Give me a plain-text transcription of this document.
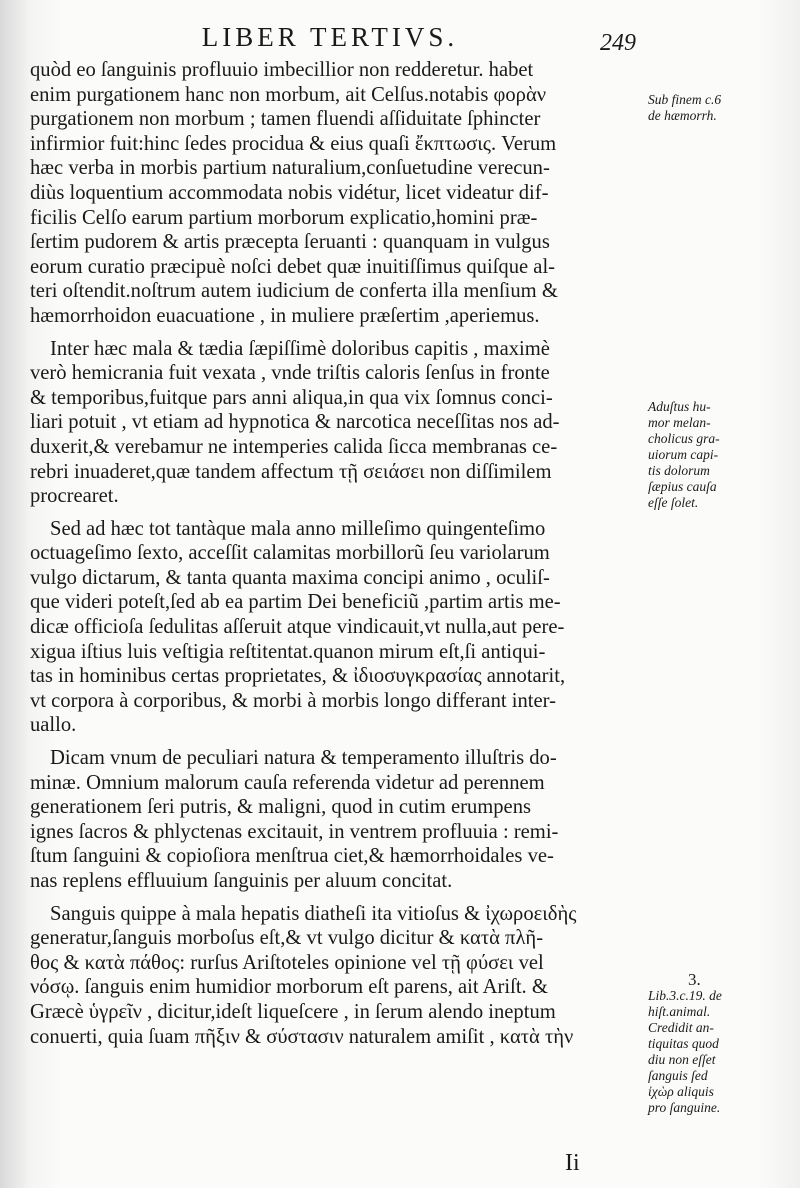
LIBER TERTIVS.	249
quòd eo ſanguinis profluuio imbecillior non redderetur. habet
enim purgationem hanc non morbum, ait Celſus.notabis φορὰν
purgationem non morbum ; tamen fluendi aſſiduitate ſphincter
infirmior fuit:hinc ſedes procidua & eius quaſi ἔκπτωσις. Verum
hæc verba in morbis partium naturalium,conſuetudine verecun-
diùs loquentium accommodata nobis vidétur, licet videatur dif-
ficilis Celſo earum partium morborum explicatio,homini præ-
ſertim pudorem & artis præcepta ſeruanti : quanquam in vulgus
eorum curatio præcipuè noſci debet quæ inuitiſſimus quiſque al-
teri oſtendit.noſtrum autem iudicium de conferta illa menſium &
hæmorrhoidon euacuatione , in muliere præſertim ,aperiemus.
Inter hæc mala & tædia ſæpiſſimè doloribus capitis , maximè
verò hemicrania fuit vexata , vnde triſtis caloris ſenſus in fronte
& temporibus,fuitque pars anni aliqua,in qua vix ſomnus conci-
liari potuit , vt etiam ad hypnotica & narcotica neceſſitas nos ad-
duxerit,& verebamur ne intemperies calida ſicca membranas ce-
rebri inuaderet,quæ tandem affectum τῇ σειάσει non diſſimilem
procrearet.
Sed ad hæc tot tantàque mala anno milleſimo quingenteſimo
octuageſimo ſexto, acceſſit calamitas morbillorũ ſeu variolarum
vulgo dictarum, & tanta quanta maxima concipi animo , oculiſ-
que videri poteſt,ſed ab ea partim Dei beneficiũ ,partim artis me-
dicæ officioſa ſedulitas aſſeruit atque vindicauit,vt nulla,aut pere-
xigua iſtius luis veſtigia reſtitentat.quanon mirum eſt,ſi antiqui-
tas in hominibus certas proprietates, & ἰδιοσυγκρασίας annotarit,
vt corpora à corporibus, & morbi à morbis longo differant inter-
uallo.
Dicam vnum de peculiari natura & temperamento illuſtris do-
minæ. Omnium malorum cauſa referenda videtur ad perennem
generationem ſeri putris, & maligni, quod in cutim erumpens
ignes ſacros & phlyctenas excitauit, in ventrem profluuia : remi-
ſtum ſanguini & copioſiora menſtrua ciet,& hæmorrhoidales ve-
nas replens effluuium ſanguinis per aluum concitat.
Sanguis quippe à mala hepatis diatheſi ita vitioſus & ἰχωροειδὴς
generatur,ſanguis morboſus eſt,& vt vulgo dicitur & κατὰ πλῆ-
θος & κατὰ πάθος: rurſus Ariſtoteles opinione vel τῇ φύσει vel
νόσῳ. ſanguis enim humidior morborum eſt parens, ait Ariſt. &
Græcè ὑγρεῖν , dicitur,ideſt liqueſcere , in ſerum alendo ineptum
conuerti, quia ſuam πῆξιν & σύστασιν naturalem amiſit , κατὰ τὴν
Sub finem c.6
de hæmorrh.
Aduſtus hu-
mor melan-
cholicus gra-
uiorum capi-
tis dolorum
ſæpius cauſa
eſſe ſolet.
3.
Lib.3.c.19. de
hiſt.animal.
Credidit an-
tiquitas quod
diu non eſſet
ſanguis ſed
ἰχὼρ aliquis
pro ſanguine.
Ii
